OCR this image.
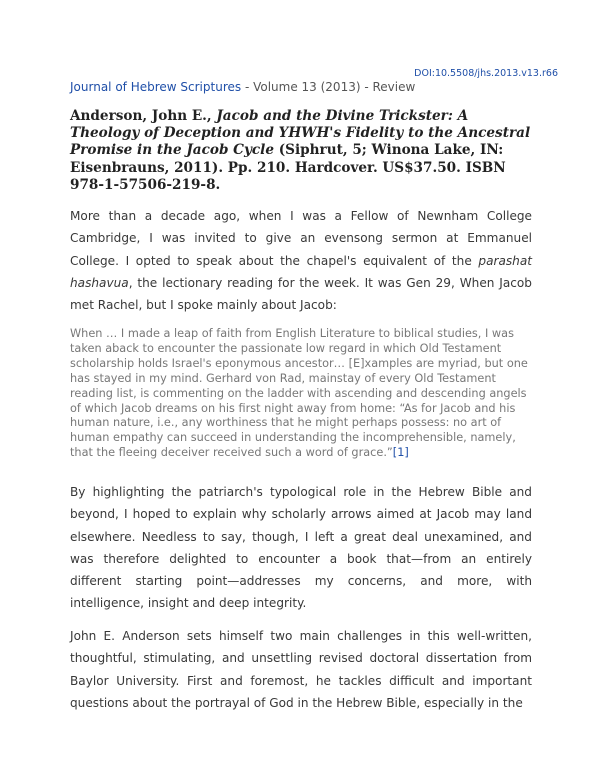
DOI:10.5508/jhs.2013.v13.r66
Journal of Hebrew Scriptures - Volume 13 (2013) - Review
Anderson, John E., Jacob and the Divine Trickster: A Theology of Deception and YHWH's Fidelity to the Ancestral Promise in the Jacob Cycle (Siphrut, 5; Winona Lake, IN: Eisenbrauns, 2011). Pp. 210. Hardcover. US$37.50. ISBN 978-1-57506-219-8.
More than a decade ago, when I was a Fellow of Newnham College Cambridge, I was invited to give an evensong sermon at Emmanuel College. I opted to speak about the chapel's equivalent of the parashat hashavua, the lectionary reading for the week. It was Gen 29, When Jacob met Rachel, but I spoke mainly about Jacob:
When … I made a leap of faith from English Literature to biblical studies, I was taken aback to encounter the passionate low regard in which Old Testament scholarship holds Israel's eponymous ancestor… [E]xamples are myriad, but one has stayed in my mind. Gerhard von Rad, mainstay of every Old Testament reading list, is commenting on the ladder with ascending and descending angels of which Jacob dreams on his first night away from home: “As for Jacob and his human nature, i.e., any worthiness that he might perhaps possess: no art of human empathy can succeed in understanding the incomprehensible, namely, that the fleeing deceiver received such a word of grace.”[1]
By highlighting the patriarch's typological role in the Hebrew Bible and beyond, I hoped to explain why scholarly arrows aimed at Jacob may land elsewhere. Needless to say, though, I left a great deal unexamined, and was therefore delighted to encounter a book that—from an entirely different starting point—addresses my concerns, and more, with intelligence, insight and deep integrity.
John E. Anderson sets himself two main challenges in this well-written, thoughtful, stimulating, and unsettling revised doctoral dissertation from Baylor University. First and foremost, he tackles difficult and important questions about the portrayal of God in the Hebrew Bible, especially in the
